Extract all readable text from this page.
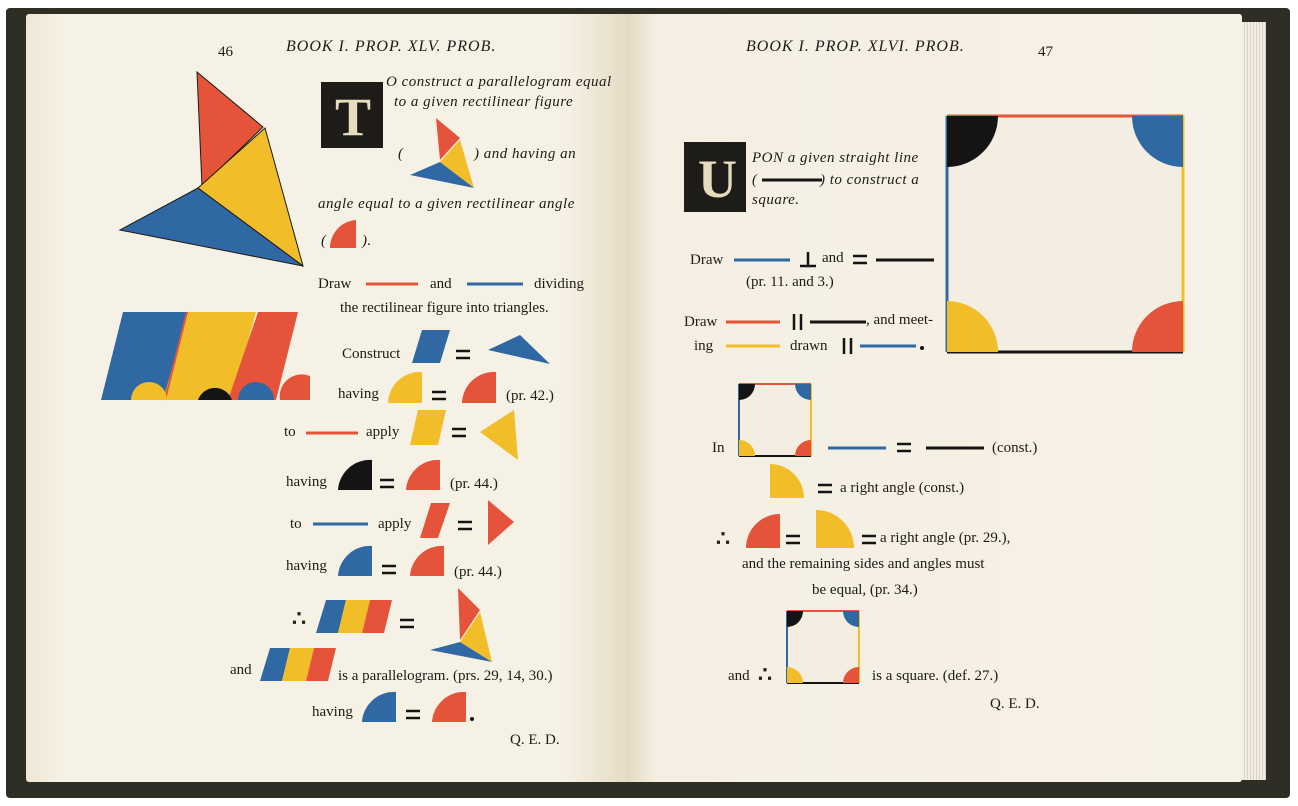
46	BOOK I. PROP. XLV. PROB.
T
O construct a parallelogram equal
to a given rectilinear figure
(	) and having an
angle equal to a given rectilinear angle
( ).
Draw	and	dividing
the rectilinear figure into triangles.
Construct
having	(pr. 42.)
to	apply
having	(pr. 44.)
to	apply
having	(pr. 44.)
∴
and	is a parallelogram. (prs. 29, 14, 30.)
having
Q. E. D.
BOOK I. PROP. XLVI. PROB.	47
U PON a given straight line
(	) to construct a
square.
Draw	and
(pr. 11. and 3.)
Draw	, and meet-
ing	drawn
In	(const.)
a right angle (const.)
∴	a right angle (pr. 29.),
and the remaining sides and angles must
be equal, (pr. 34.)
and ∴	is a square. (def. 27.)
Q. E. D.
